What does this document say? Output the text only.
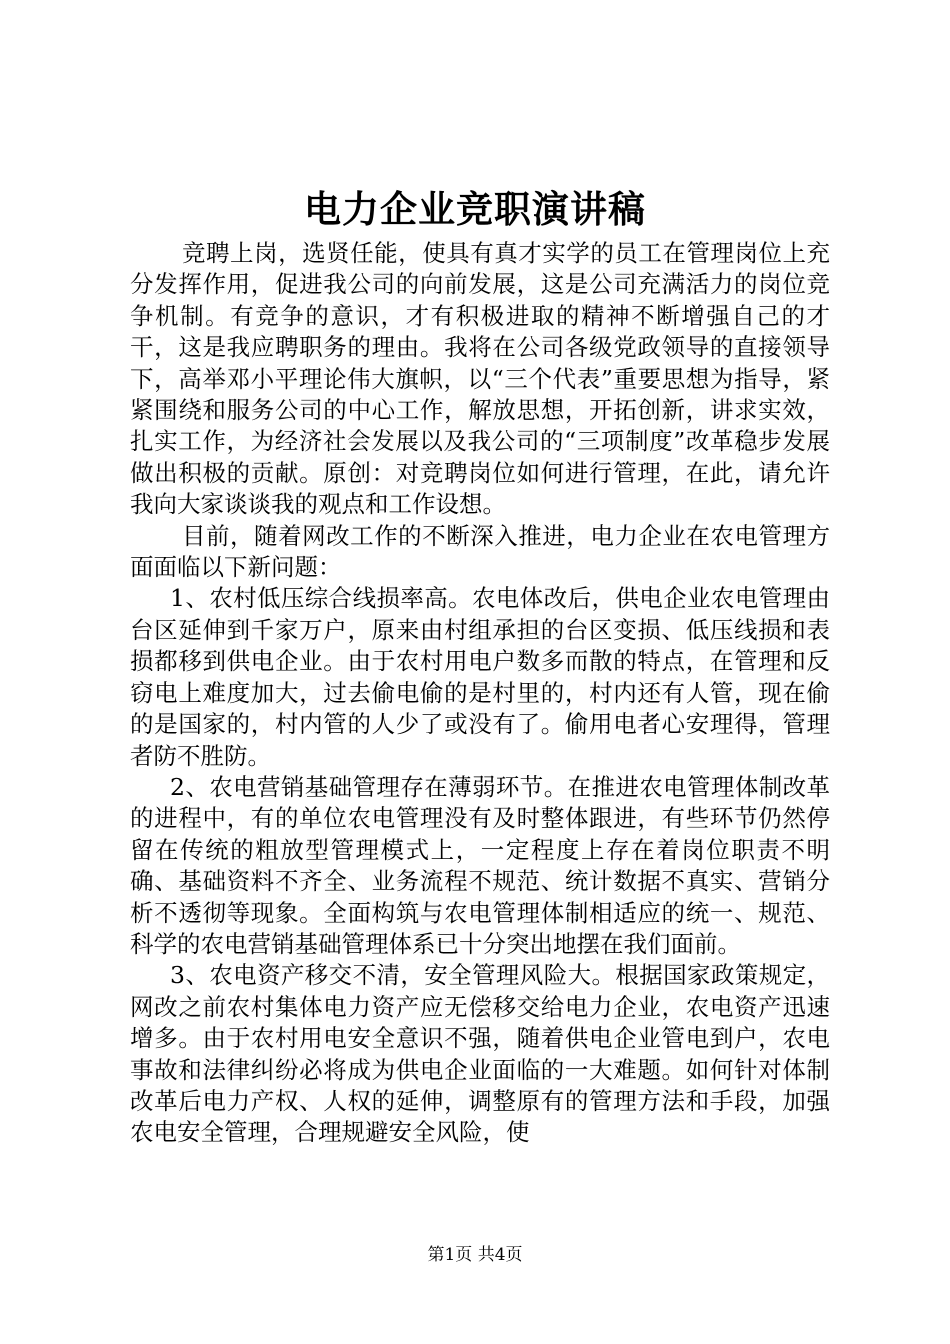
电力企业竞职演讲稿

竞聘上岗，选贤任能，使具有真才实学的员工在管理岗位上充分发挥作用，促进我公司的向前发展，这是公司充满活力的岗位竞争机制。有竞争的意识，才有积极进取的精神不断增强自己的才干，这是我应聘职务的理由。我将在公司各级党政领导的直接领导下，高举邓小平理论伟大旗帜，以“三个代表”重要思想为指导，紧紧围绕和服务公司的中心工作，解放思想，开拓创新，讲求实效，扎实工作，为经济社会发展以及我公司的“三项制度”改革稳步发展做出积极的贡献。原创：对竞聘岗位如何进行管理，在此，请允许我向大家谈谈我的观点和工作设想。

目前，随着网改工作的不断深入推进，电力企业在农电管理方面面临以下新问题：

1、农村低压综合线损率高。农电体改后，供电企业农电管理由台区延伸到千家万户，原来由村组承担的台区变损、低压线损和表损都移到供电企业。由于农村用电户数多而散的特点，在管理和反窃电上难度加大，过去偷电偷的是村里的，村内还有人管，现在偷的是国家的，村内管的人少了或没有了。偷用电者心安理得，管理者防不胜防。

2、农电营销基础管理存在薄弱环节。在推进农电管理体制改革的进程中，有的单位农电管理没有及时整体跟进，有些环节仍然停留在传统的粗放型管理模式上，一定程度上存在着岗位职责不明确、基础资料不齐全、业务流程不规范、统计数据不真实、营销分析不透彻等现象。全面构筑与农电管理体制相适应的统一、规范、科学的农电营销基础管理体系已十分突出地摆在我们面前。

3、农电资产移交不清，安全管理风险大。根据国家政策规定，网改之前农村集体电力资产应无偿移交给电力企业，农电资产迅速增多。由于农村用电安全意识不强，随着供电企业管电到户，农电事故和法律纠纷必将成为供电企业面临的一大难题。如何针对体制改革后电力产权、人权的延伸，调整原有的管理方法和手段，加强农电安全管理，合理规避安全风险，使

第1页 共4页
